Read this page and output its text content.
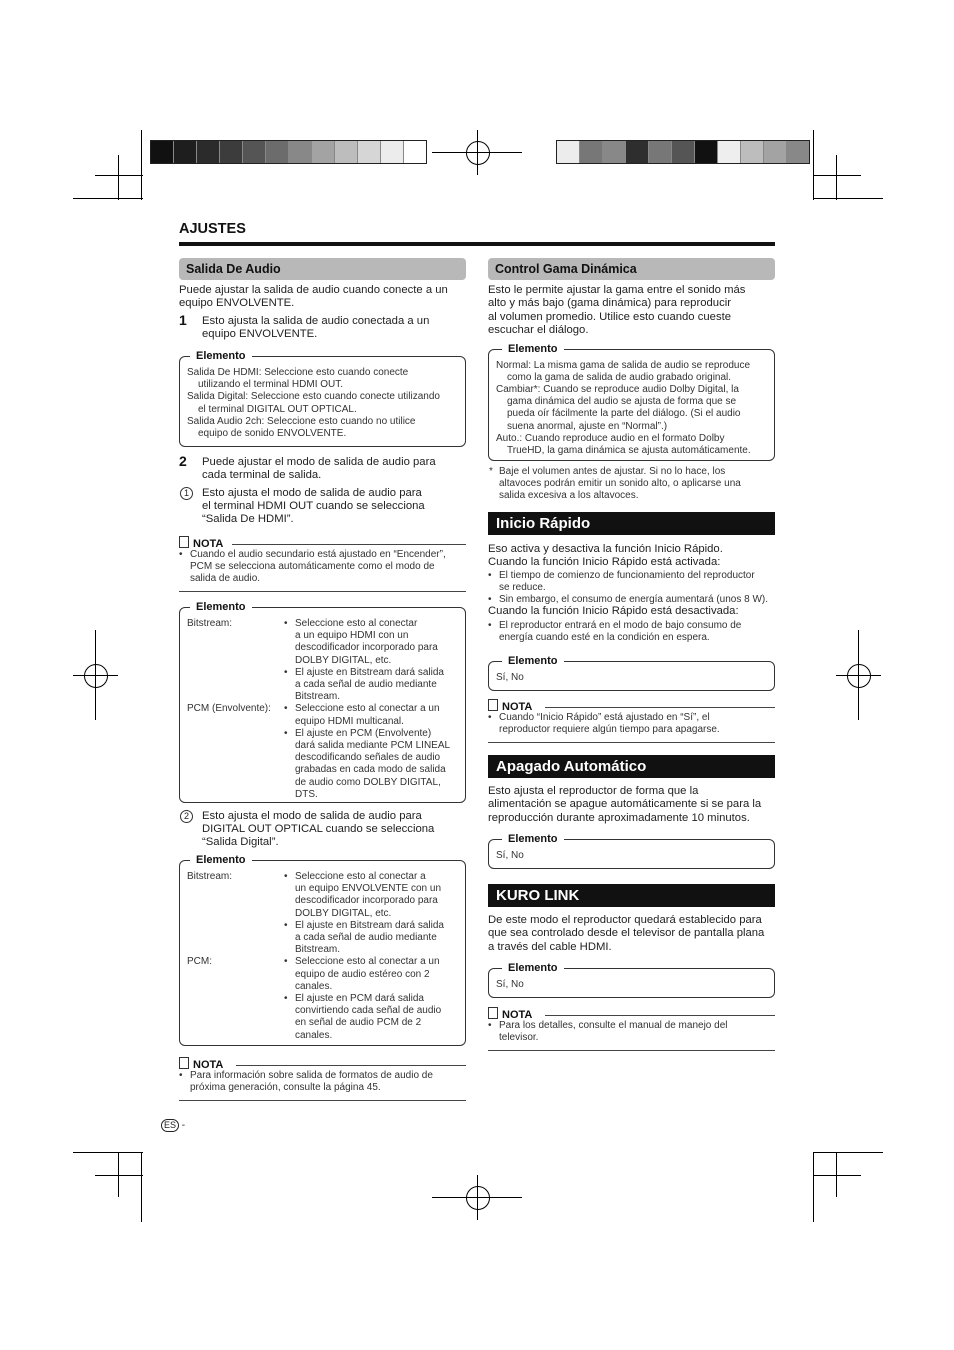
AJUSTES
Salida De Audio
Puede ajustar la salida de audio cuando conecte a un
equipo ENVOLVENTE.
1 Esto ajusta la salida de audio conectada a un
equipo ENVOLVENTE.
Elemento
Salida De HDMI: Seleccione esto cuando conecte
utilizando el terminal HDMI OUT.
Salida Digital: Seleccione esto cuando conecte utilizando
el terminal DIGITAL OUT OPTICAL.
Salida Audio 2ch: Seleccione esto cuando no utilice
equipo de sonido ENVOLVENTE.
2 Puede ajustar el modo de salida de audio para
cada terminal de salida.
1	Esto ajusta el modo de salida de audio para
el terminal HDMI OUT cuando se selecciona
“Salida De HDMI”.
NOTA
• Cuando el audio secundario está ajustado en “Encender”,
PCM se selecciona automáticamente como el modo de
salida de audio.
Elemento
Bitstream:
PCM (Envolvente):
• Seleccione esto al conectar
a un equipo HDMI con un
descodificador incorporado para
DOLBY DIGITAL, etc.
• El ajuste en Bitstream dará salida
a cada señal de audio mediante
Bitstream.
• Seleccione esto al conectar a un
equipo HDMI multicanal.
• El ajuste en PCM (Envolvente)
dará salida mediante PCM LINEAL
descodificando señales de audio
grabadas en cada modo de salida
de audio como DOLBY DIGITAL,
DTS.
2	Esto ajusta el modo de salida de audio para
DIGITAL OUT OPTICAL cuando se selecciona
“Salida Digital”.
Elemento
Bitstream:
PCM:
• Seleccione esto al conectar a
un equipo ENVOLVENTE con un
descodificador incorporado para
DOLBY DIGITAL, etc.
• El ajuste en Bitstream dará salida
a cada señal de audio mediante
Bitstream.
• Seleccione esto al conectar a un
equipo de audio estéreo con 2
canales.
• El ajuste en PCM dará salida
convirtiendo cada señal de audio
en señal de audio PCM de 2
canales.
NOTA
• Para información sobre salida de formatos de audio de
próxima generación, consulte la página 45.
ES -
Control Gama Dinámica
Esto le permite ajustar la gama entre el sonido más
alto y más bajo (gama dinámica) para reproducir
al volumen promedio. Utilice esto cuando cueste
escuchar el diálogo.
Elemento
Normal: La misma gama de salida de audio se reproduce
como la gama de salida de audio grabado original.
Cambiar*: Cuando se reproduce audio Dolby Digital, la
gama dinámica del audio se ajusta de forma que se
pueda oír fácilmente la parte del diálogo. (Si el audio
suena anormal, ajuste en “Normal”.)
Auto.: Cuando reproduce audio en el formato Dolby
TrueHD, la gama dinámica se ajusta automáticamente.
* Baje el volumen antes de ajustar. Si no lo hace, los
altavoces podrán emitir un sonido alto, o aplicarse una
salida excesiva a los altavoces.
Inicio Rápido
Eso activa y desactiva la función Inicio Rápido.
Cuando la función Inicio Rápido está activada:
• El tiempo de comienzo de funcionamiento del reproductor
se reduce.
• Sin embargo, el consumo de energía aumentará (unos 8 W).
Cuando la función Inicio Rápido está desactivada:
• El reproductor entrará en el modo de bajo consumo de
energía cuando esté en la condición en espera.
Elemento
Sí, No
NOTA
• Cuando “Inicio Rápido” está ajustado en “Sí”, el
reproductor requiere algún tiempo para apagarse.
Apagado Automático
Esto ajusta el reproductor de forma que la
alimentación se apague automáticamente si se para la
reproducción durante aproximadamente 10 minutos.
Elemento
Sí, No
KURO LINK
De este modo el reproductor quedará establecido para
que sea controlado desde el televisor de pantalla plana
a través del cable HDMI.
Elemento
Sí, No
NOTA
• Para los detalles, consulte el manual de manejo del
televisor.
